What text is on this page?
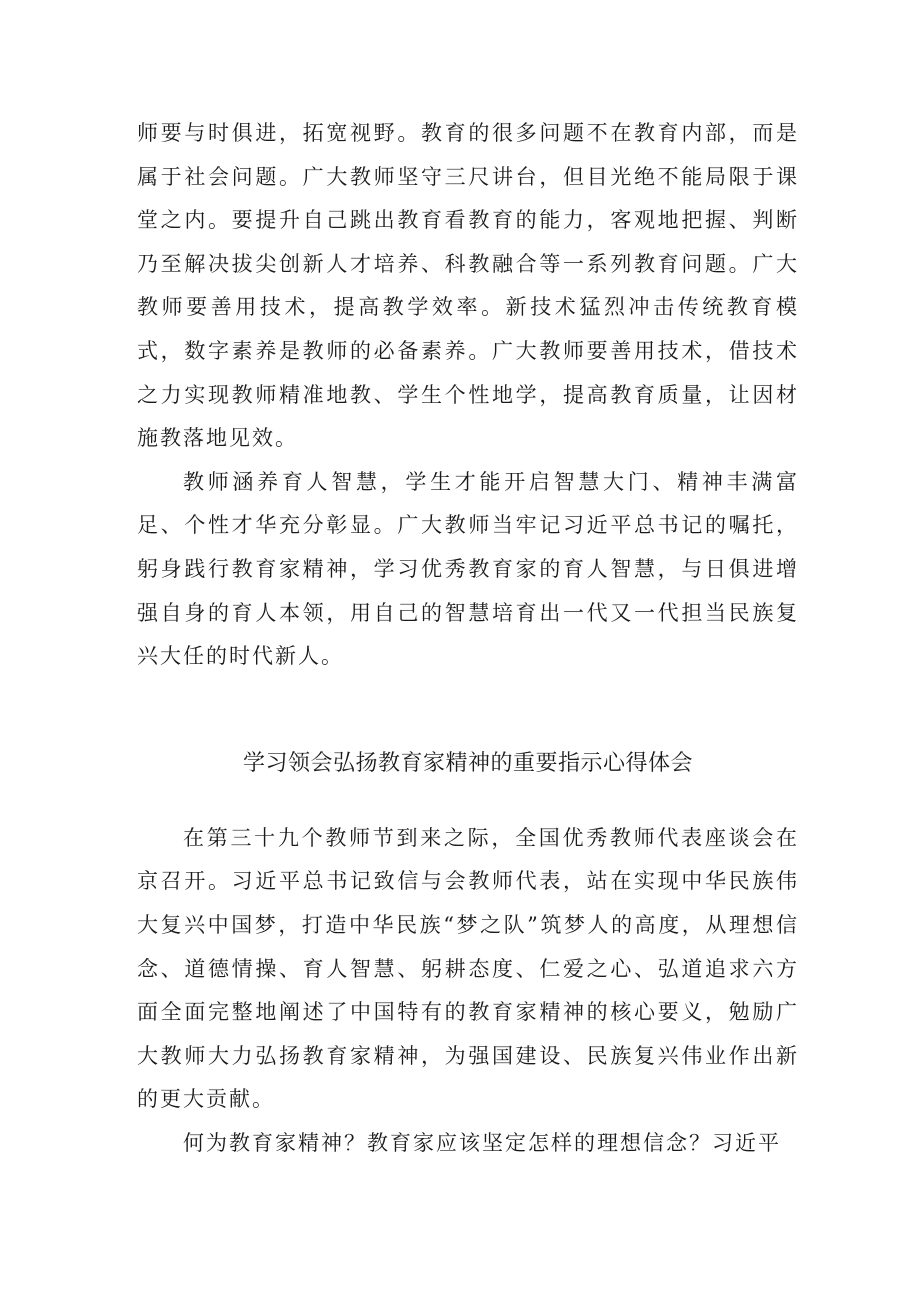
师要与时俱进，拓宽视野。教育的很多问题不在教育内部，而是属于社会问题。广大教师坚守三尺讲台，但目光绝不能局限于课堂之内。要提升自己跳出教育看教育的能力，客观地把握、判断乃至解决拔尖创新人才培养、科教融合等一系列教育问题。广大教师要善用技术，提高教学效率。新技术猛烈冲击传统教育模式，数字素养是教师的必备素养。广大教师要善用技术，借技术之力实现教师精准地教、学生个性地学，提高教育质量，让因材施教落地见效。

教师涵养育人智慧，学生才能开启智慧大门、精神丰满富足、个性才华充分彰显。广大教师当牢记习近平总书记的嘱托，躬身践行教育家精神，学习优秀教育家的育人智慧，与日俱进增强自身的育人本领，用自己的智慧培育出一代又一代担当民族复兴大任的时代新人。

学习领会弘扬教育家精神的重要指示心得体会

在第三十九个教师节到来之际，全国优秀教师代表座谈会在京召开。习近平总书记致信与会教师代表，站在实现中华民族伟大复兴中国梦，打造中华民族“梦之队”筑梦人的高度，从理想信念、道德情操、育人智慧、躬耕态度、仁爱之心、弘道追求六方面全面完整地阐述了中国特有的教育家精神的核心要义，勉励广大教师大力弘扬教育家精神，为强国建设、民族复兴伟业作出新的更大贡献。

何为教育家精神？教育家应该坚定怎样的理想信念？习近平
